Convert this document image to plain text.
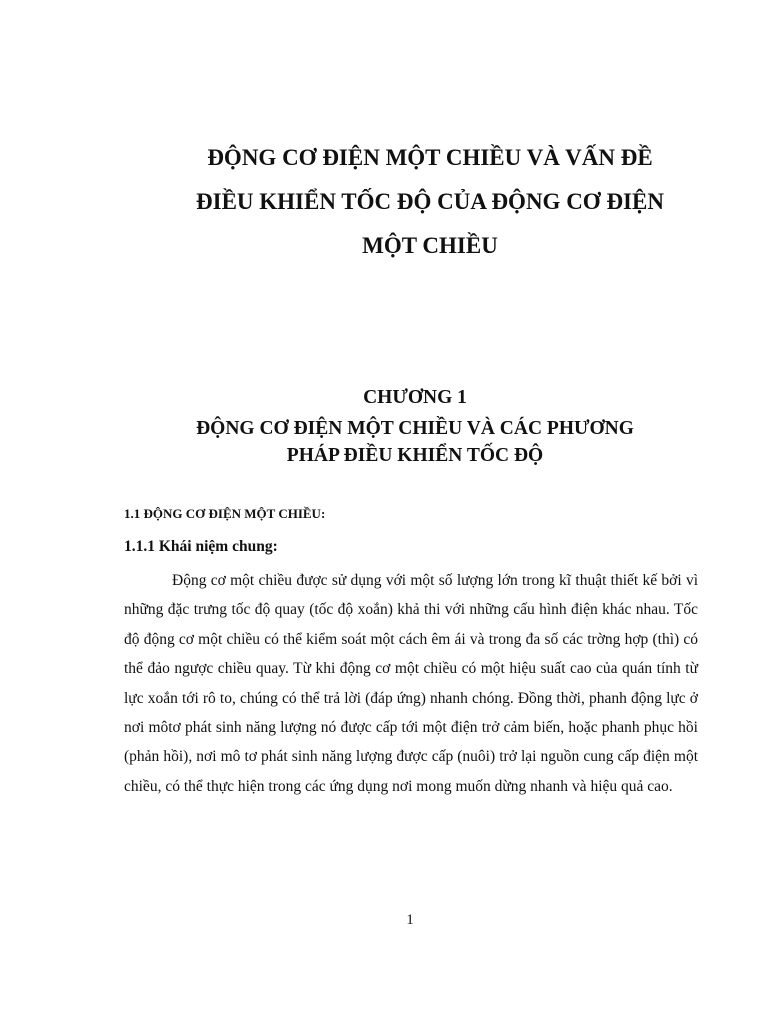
ĐỘNG CƠ ĐIỆN MỘT CHIỀU VÀ VẤN ĐỀ
ĐIỀU KHIỂN TỐC ĐỘ CỦA ĐỘNG CƠ ĐIỆN
MỘT CHIỀU
CHƯƠNG 1
ĐỘNG CƠ ĐIỆN MỘT CHIỀU VÀ CÁC PHƯƠNG
PHÁP ĐIỀU KHIỂN TỐC ĐỘ
1.1 ĐỘNG CƠ ĐIỆN MỘT CHIỀU:
1.1.1 Khái niệm chung:

Động cơ một chiều được sử dụng với một số lượng lớn trong kĩ thuật thiết kế bởi vì những đặc trưng tốc độ quay (tốc độ xoắn) khả thi với những cấu hình điện khác nhau. Tốc độ động cơ một chiều có thể kiểm soát một cách êm ái và trong đa số các trờng hợp (thì) có thể đảo ngược chiều quay. Từ khi động cơ một chiều có một hiệu suất cao của quán tính từ lực xoắn tới rô to, chúng có thể trả lời (đáp ứng) nhanh chóng. Đồng thời, phanh động lực ở nơi môtơ phát sinh năng lượng nó được cấp tới một điện trở cảm biến, hoặc phanh phục hồi (phản hồi), nơi mô tơ phát sinh năng lượng được cấp (nuôi) trở lại nguồn cung cấp điện một chiều, có thể thực hiện trong các ứng dụng nơi mong muốn dừng nhanh và hiệu quả cao.

1
